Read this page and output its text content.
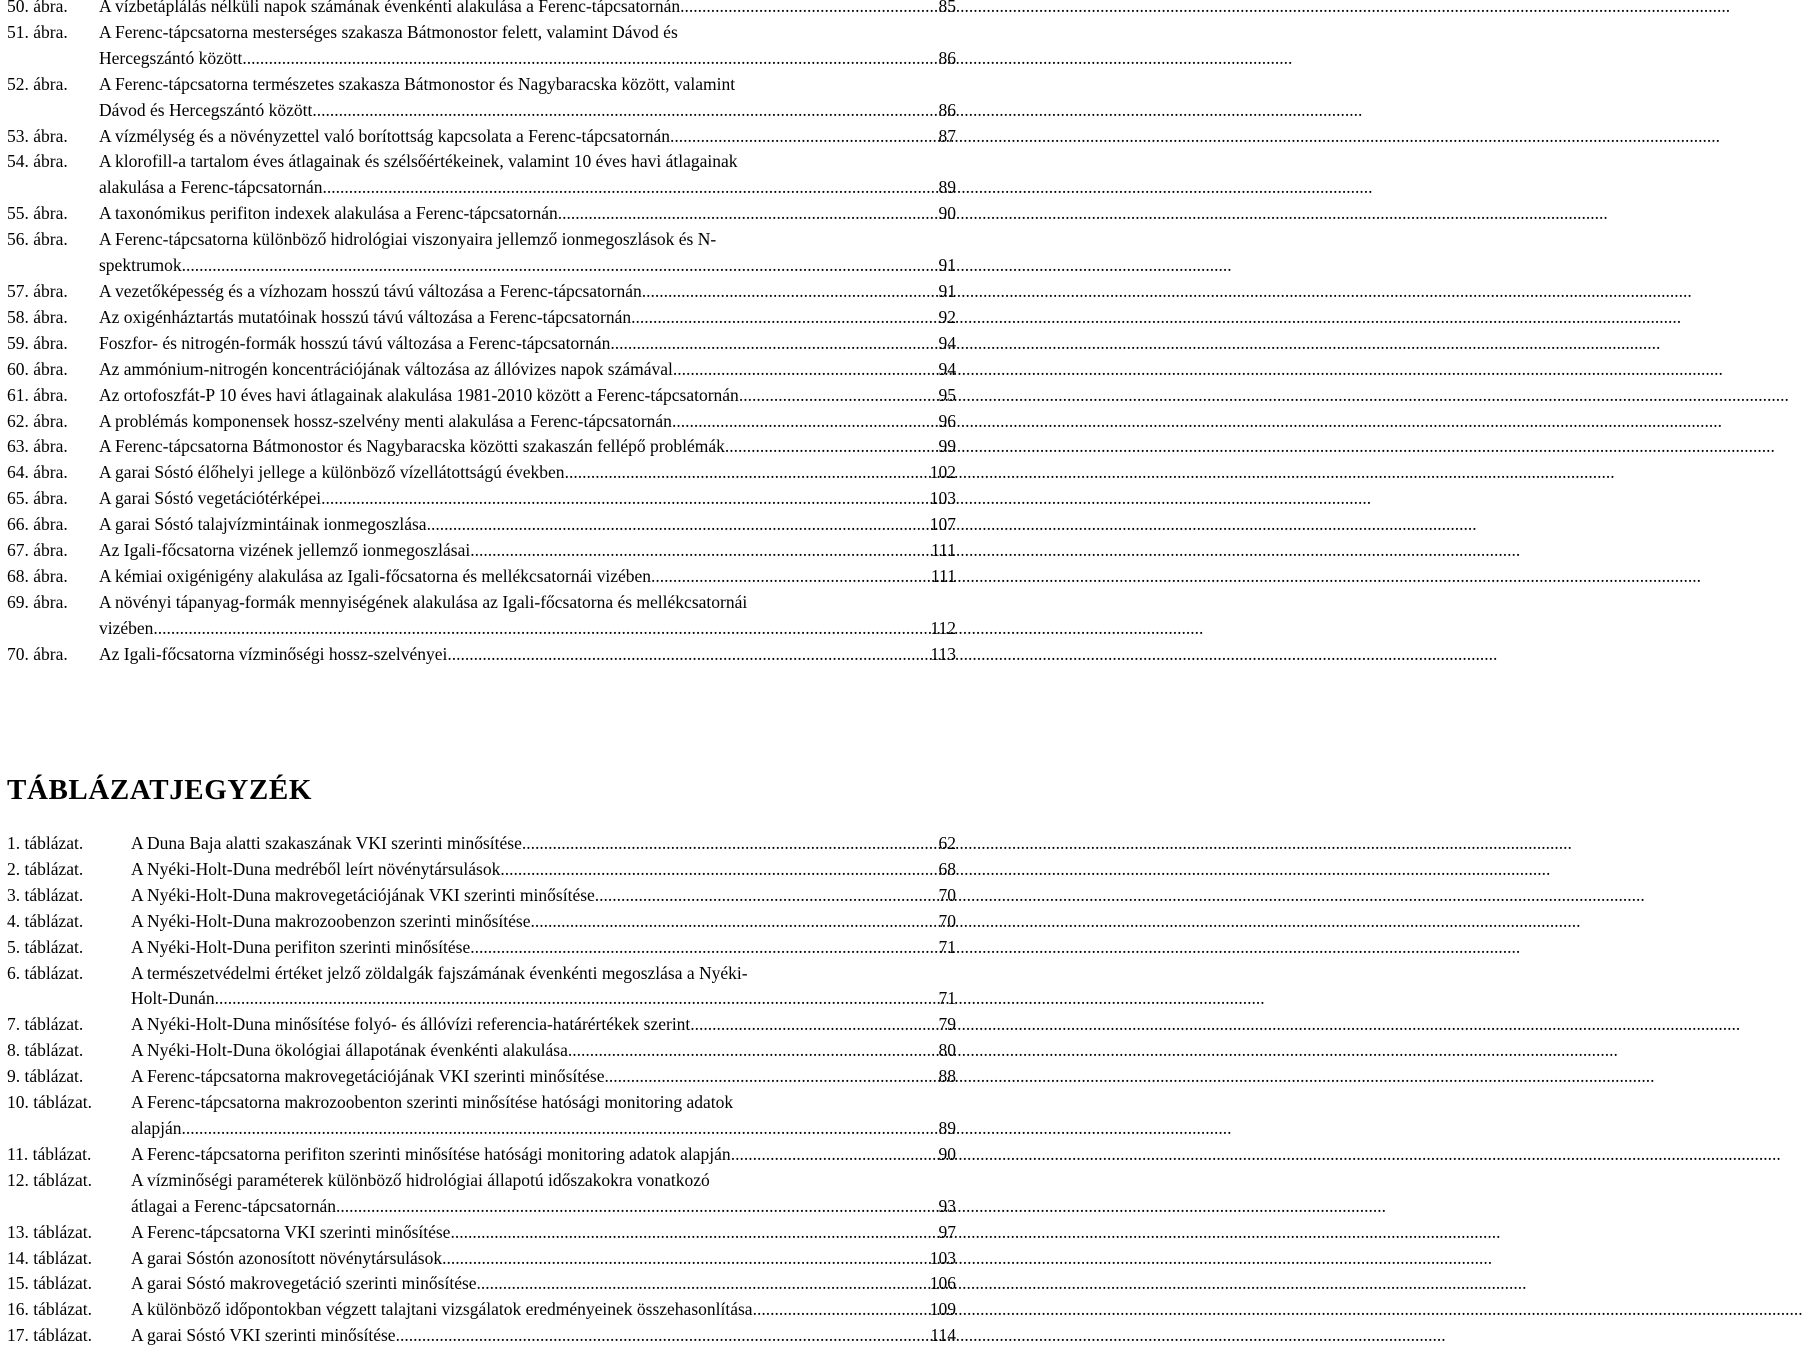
50. ábra.	A vízbetáplálás nélküli napok számának évenkénti alakulása a Ferenc-tápcsatornán .....	85
51. ábra.	A Ferenc-tápcsatorna mesterséges szakasza Bátmonostor felett, valamint Dávod és
Hercegszántó között .....	86
52. ábra.	A Ferenc-tápcsatorna természetes szakasza Bátmonostor és Nagybaracska között, valamint
Dávod és Hercegszántó között .....	86
53. ábra.	A vízmélység és a növényzettel való borítottság kapcsolata a Ferenc-tápcsatornán .....	87
54. ábra.	A klorofill-a tartalom éves átlagainak és szélsőértékeinek, valamint 10 éves havi átlagainak
alakulása a Ferenc-tápcsatornán .....	89
55. ábra.	A taxonómikus perifiton indexek alakulása a Ferenc-tápcsatornán .....	90
56. ábra.	A Ferenc-tápcsatorna különböző hidrológiai viszonyaira jellemző ionmegoszlások és N-
spektrumok .....	91
57. ábra.	A vezetőképesség és a vízhozam hosszú távú változása a Ferenc-tápcsatornán .....	91
58. ábra.	Az oxigénháztartás mutatóinak hosszú távú változása a Ferenc-tápcsatornán .....	92
59. ábra.	Foszfor- és nitrogén-formák hosszú távú változása a Ferenc-tápcsatornán .....	94
60. ábra.	Az ammónium-nitrogén koncentrációjának változása az állóvizes napok számával .....	94
61. ábra.	Az ortofoszfát-P 10 éves havi átlagainak alakulása 1981-2010 között a Ferenc-tápcsatornán .....	95
62. ábra.	A problémás komponensek hossz-szelvény menti alakulása a Ferenc-tápcsatornán .....	96
63. ábra.	A Ferenc-tápcsatorna Bátmonostor és Nagybaracska közötti szakaszán fellépő problémák .....	99
64. ábra.	A garai Sóstó élőhelyi jellege a különböző vízellátottságú években .....	102
65. ábra.	A garai Sóstó vegetációtérképei .....	103
66. ábra.	A garai Sóstó talajvízmintáinak ionmegoszlása .....	107
67. ábra.	Az Igali-főcsatorna vizének jellemző ionmegoszlásai .....	111
68. ábra.	A kémiai oxigénigény alakulása az Igali-főcsatorna és mellékcsatornái vizében .....	111
69. ábra.	A növényi tápanyag-formák mennyiségének alakulása az Igali-főcsatorna és mellékcsatornái
vizében .....	112
70. ábra.	Az Igali-főcsatorna vízminőségi hossz-szelvényei .....	113
TÁBLÁZATJEGYZÉK
1. táblázat.	A Duna Baja alatti szakaszának VKI szerinti minősítése .....	62
2. táblázat.	A Nyéki-Holt-Duna medréből leírt növénytársulások .....	68
3. táblázat.	A Nyéki-Holt-Duna makrovegetációjának VKI szerinti minősítése .....	70
4. táblázat.	A Nyéki-Holt-Duna makrozoobenzon szerinti minősítése .....	70
5. táblázat.	A Nyéki-Holt-Duna perifiton szerinti minősítése .....	71
6. táblázat.	A természetvédelmi értéket jelző zöldalgák fajszámának évenkénti megoszlása a Nyéki-
Holt-Dunán .....	71
7. táblázat.	A Nyéki-Holt-Duna minősítése folyó- és állóvízi referencia-határértékek szerint .....	79
8. táblázat.	A Nyéki-Holt-Duna ökológiai állapotának évenkénti alakulása .....	80
9. táblázat.	A Ferenc-tápcsatorna makrovegetációjának VKI szerinti minősítése .....	88
10. táblázat.	A Ferenc-tápcsatorna makrozoobenton szerinti minősítése hatósági monitoring adatok
alapján .....	89
11. táblázat.	A Ferenc-tápcsatorna perifiton szerinti minősítése hatósági monitoring adatok alapján .....	90
12. táblázat.	A vízminőségi paraméterek különböző hidrológiai állapotú időszakokra vonatkozó
átlagai a Ferenc-tápcsatornán .....	93
13. táblázat.	A Ferenc-tápcsatorna VKI szerinti minősítése .....	97
14. táblázat.	A garai Sóstón azonosított növénytársulások .....	103
15. táblázat.	A garai Sóstó makrovegetáció szerinti minősítése .....	106
16. táblázat.	A különböző időpontokban végzett talajtani vizsgálatok eredményeinek összehasonlítása .....	109
17. táblázat.	A garai Sóstó VKI szerinti minősítése .....	114
